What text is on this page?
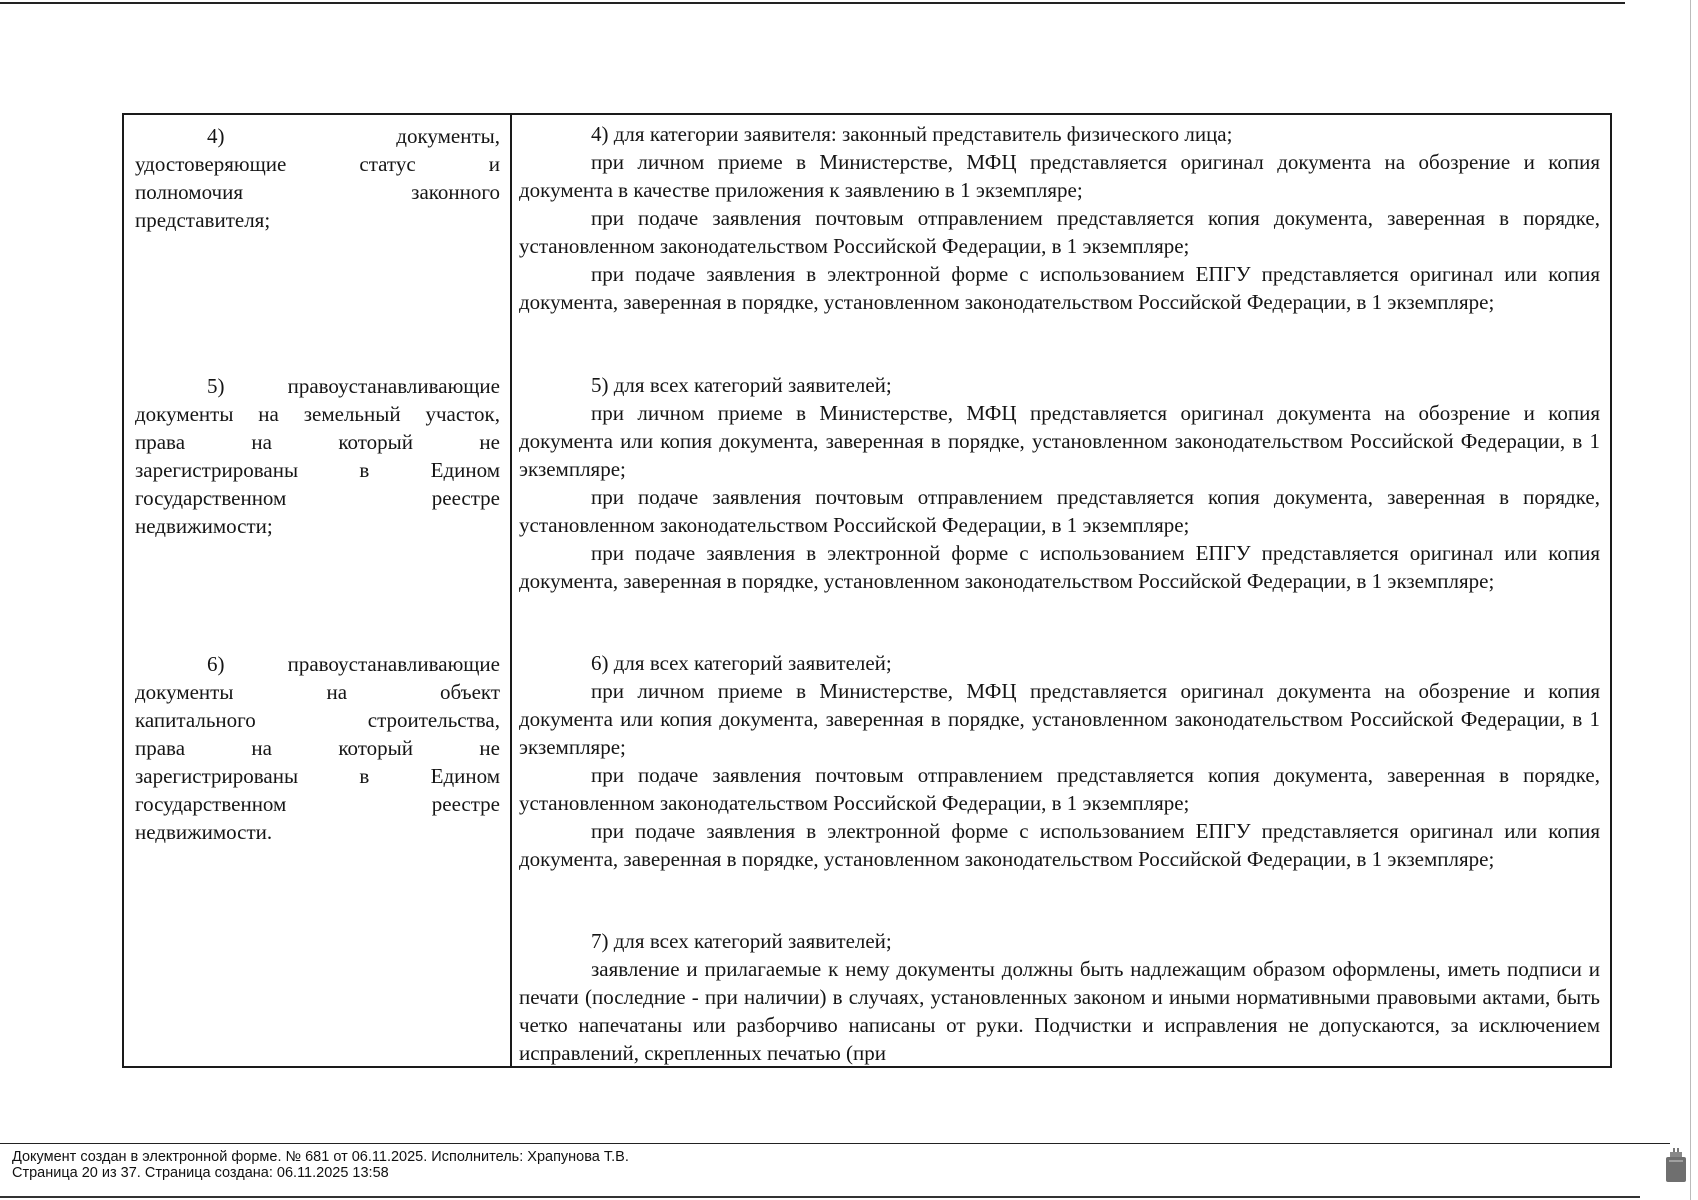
4) документы,
удостоверяющие статус и
полномочия законного
представителя;

4) для категории заявителя: законный представитель физического лица;

при личном приеме в Министерстве, МФЦ представляется оригинал документа на обозрение и копия документа в качестве приложения к заявлению в 1 экземпляре;

при подаче заявления почтовым отправлением представляется копия документа, заверенная в порядке, установленном законодательством Российской Федерации, в 1 экземпляре;

при подаче заявления в электронной форме с использованием ЕПГУ представляется оригинал или копия документа, заверенная в порядке, установленном законодательством Российской Федерации, в 1 экземпляре;

5) правоустанавливающие
документы на земельный участок,
права на который не
зарегистрированы в Едином
государственном реестре
недвижимости;

5) для всех категорий заявителей;

при личном приеме в Министерстве, МФЦ представляется оригинал документа на обозрение и копия документа или копия документа, заверенная в порядке, установленном законодательством Российской Федерации, в 1 экземпляре;

при подаче заявления почтовым отправлением представляется копия документа, заверенная в порядке, установленном законодательством Российской Федерации, в 1 экземпляре;

при подаче заявления в электронной форме с использованием ЕПГУ представляется оригинал или копия документа, заверенная в порядке, установленном законодательством Российской Федерации, в 1 экземпляре;

6) правоустанавливающие
документы на объект
капитального строительства,
права на который не
зарегистрированы в Едином
государственном реестре
недвижимости.

6) для всех категорий заявителей;

при личном приеме в Министерстве, МФЦ представляется оригинал документа на обозрение и копия документа или копия документа, заверенная в порядке, установленном законодательством Российской Федерации, в 1 экземпляре;

при подаче заявления почтовым отправлением представляется копия документа, заверенная в порядке, установленном законодательством Российской Федерации, в 1 экземпляре;

при подаче заявления в электронной форме с использованием ЕПГУ представляется оригинал или копия документа, заверенная в порядке, установленном законодательством Российской Федерации, в 1 экземпляре;

7) для всех категорий заявителей;

заявление и прилагаемые к нему документы должны быть надлежащим образом оформлены, иметь подписи и печати (последние - при наличии) в случаях, установленных законом и иными нормативными правовыми актами, быть четко напечатаны или разборчиво написаны от руки. Подчистки и исправления не допускаются, за исключением исправлений, скрепленных печатью (при

Документ создан в электронной форме. № 681 от 06.11.2025. Исполнитель: Храпунова Т.В.
Страница 20 из 37. Страница создана: 06.11.2025 13:58
